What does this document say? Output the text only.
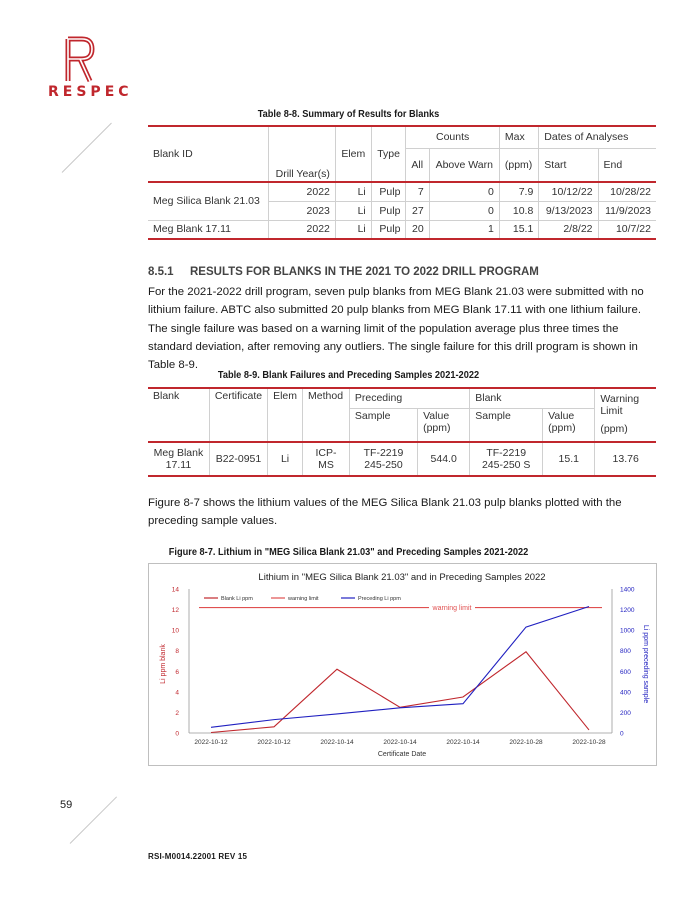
RESPEC
Table 8-8. Summary of Results for Blanks
Blank ID	Drill Year(s)	Elem	Type	Counts		Max	Dates of Analyses	
				All	Above Warn	(ppm)	Start	End
Meg Silica Blank 21.03	2022	Li	Pulp	7	0	7.9	10/12/22	10/28/22
	2023	Li	Pulp	27	0	10.8	9/13/2023	11/9/2023
Meg Blank 17.11	2022	Li	Pulp	20	1	15.1	2/8/22	10/7/22
8.5.1 RESULTS FOR BLANKS IN THE 2021 TO 2022 DRILL PROGRAM
For the 2021-2022 drill program, seven pulp blanks from MEG Blank 21.03 were submitted with no lithium failure. ABTC also submitted 20 pulp blanks from MEG Blank 17.11 with one lithium failure. The single failure was based on a warning limit of the population average plus three times the standard deviation, after removing any outliers. The single failure for this drill program is shown in Table 8-9.
Table 8-9. Blank Failures and Preceding Samples 2021-2022
Blank	Certificate	Elem	Method	Preceding		Blank		Warning Limit
(ppm)

				Sample	Value (ppm)	Sample	Value (ppm)	
Meg Blank 17.11	B22-0951	Li	ICP-MS	TF-2219 245-250	544.0	TF-2219 245-250 S	15.1	13.76
Figure 8-7 shows the lithium values of the MEG Silica Blank 21.03 pulp blanks plotted with the preceding sample values.
Figure 8-7. Lithium in "MEG Silica Blank 21.03" and Preceding Samples 2021-2022
Lithium in "MEG Silica Blank 21.03" and in Preceding Samples 2022
Certificate Date
Li ppm blank	Li ppm preceding sample
0
2
4
6
8
10
12
14
0
200
400
600
800
1000
1200
1400
2022-10-12	2022-10-12	2022-10-14	2022-10-14	2022-10-14	2022-10-28	2022-10-28
warning limit
Blank Li ppm	warning limit	Preceding Li ppm
59
RSI-M0014.22001 REV 15
